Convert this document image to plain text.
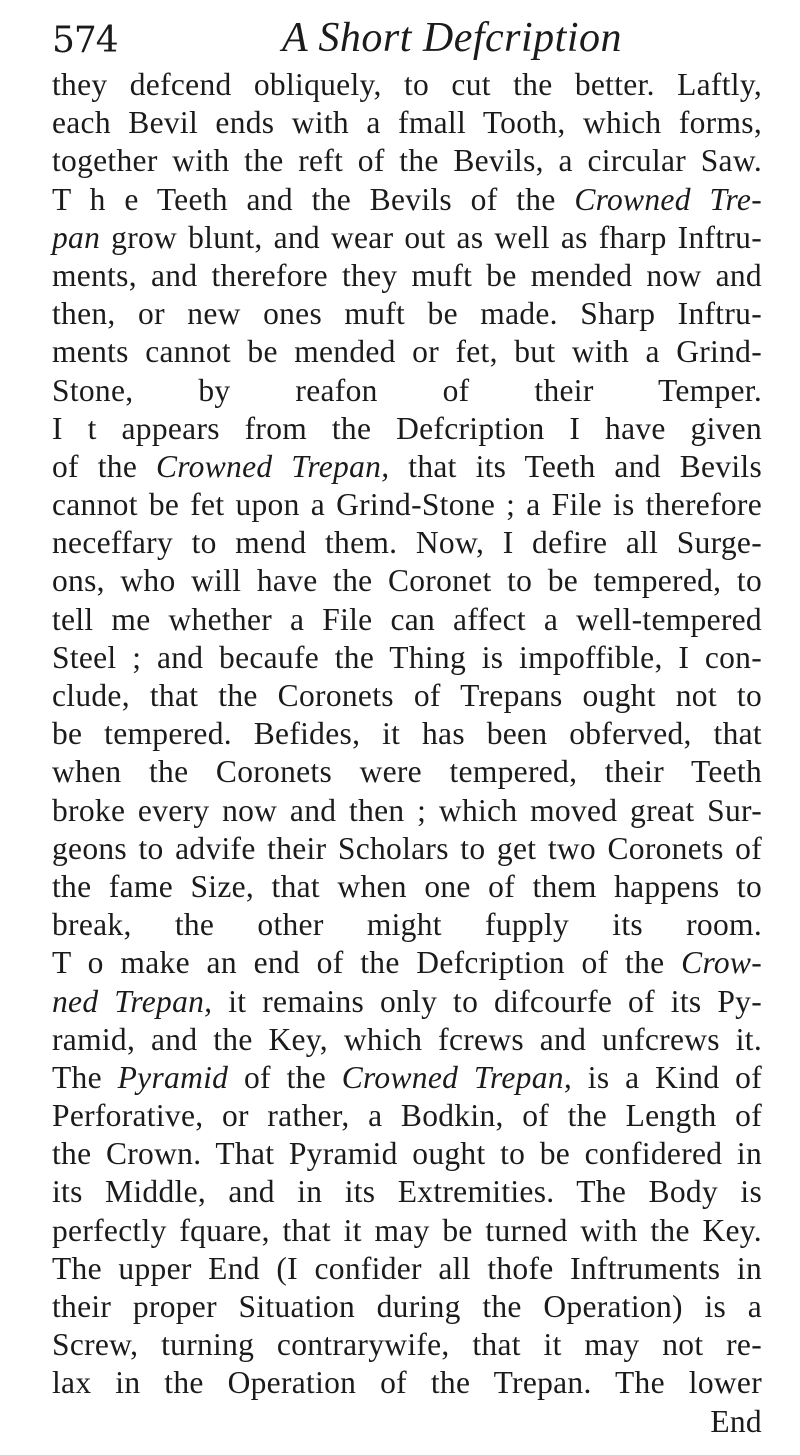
574	A Short Defcription
they defcend obliquely, to cut the better. Laftly,
each Bevil ends with a fmall Tooth, which forms,
together with the reft of the Bevils, a circular Saw.
T h e Teeth and the Bevils of the Crowned Tre-
pan grow blunt, and wear out as well as fharp Inftru-
ments, and therefore they muft be mended now and
then, or new ones muft be made. Sharp Inftru-
ments cannot be mended or fet, but with a Grind-
Stone, by reafon of their Temper.
I t appears from the Defcription I have given
of the Crowned Trepan, that its Teeth and Bevils
cannot be fet upon a Grind-Stone ; a File is therefore
neceffary to mend them. Now, I defire all Surge-
ons, who will have the Coronet to be tempered, to
tell me whether a File can affect a well-tempered
Steel ; and becaufe the Thing is impoffible, I con-
clude, that the Coronets of Trepans ought not to
be tempered. Befides, it has been obferved, that
when the Coronets were tempered, their Teeth
broke every now and then ; which moved great Sur-
geons to advife their Scholars to get two Coronets of
the fame Size, that when one of them happens to
break, the other might fupply its room.
T o make an end of the Defcription of the Crow-
ned Trepan, it remains only to difcourfe of its Py-
ramid, and the Key, which fcrews and unfcrews it.
The Pyramid of the Crowned Trepan, is a Kind of
Perforative, or rather, a Bodkin, of the Length of
the Crown. That Pyramid ought to be confidered in
its Middle, and in its Extremities. The Body is
perfectly fquare, that it may be turned with the Key.
The upper End (I confider all thofe Inftruments in
their proper Situation during the Operation) is a
Screw, turning contrarywife, that it may not re-
lax in the Operation of the Trepan. The lower
End
